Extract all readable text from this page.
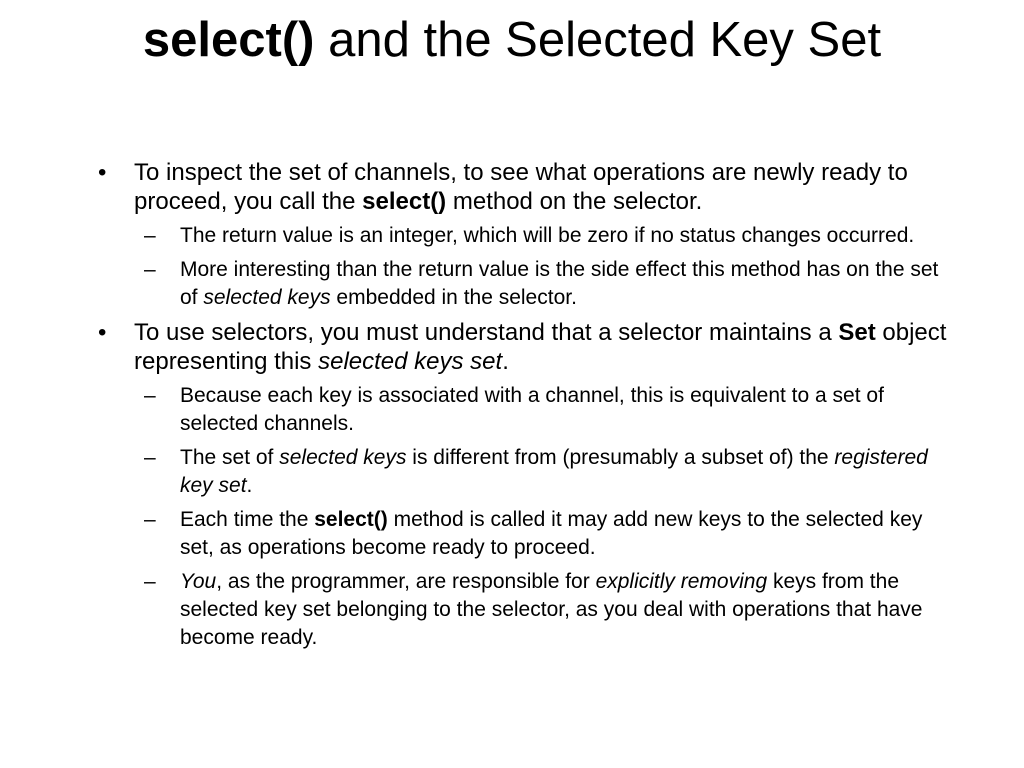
select() and the Selected Key Set
• To inspect the set of channels, to see what operations are newly ready to proceed, you call the select() method on the selector.
– The return value is an integer, which will be zero if no status changes occurred.
– More interesting than the return value is the side effect this method has on the set of selected keys embedded in the selector.
• To use selectors, you must understand that a selector maintains a Set object representing this selected keys set.
– Because each key is associated with a channel, this is equivalent to a set of selected channels.
– The set of selected keys is different from (presumably a subset of) the registered key set.
– Each time the select() method is called it may add new keys to the selected key set, as operations become ready to proceed.
– You, as the programmer, are responsible for explicitly removing keys from the selected key set belonging to the selector, as you deal with operations that have become ready.
